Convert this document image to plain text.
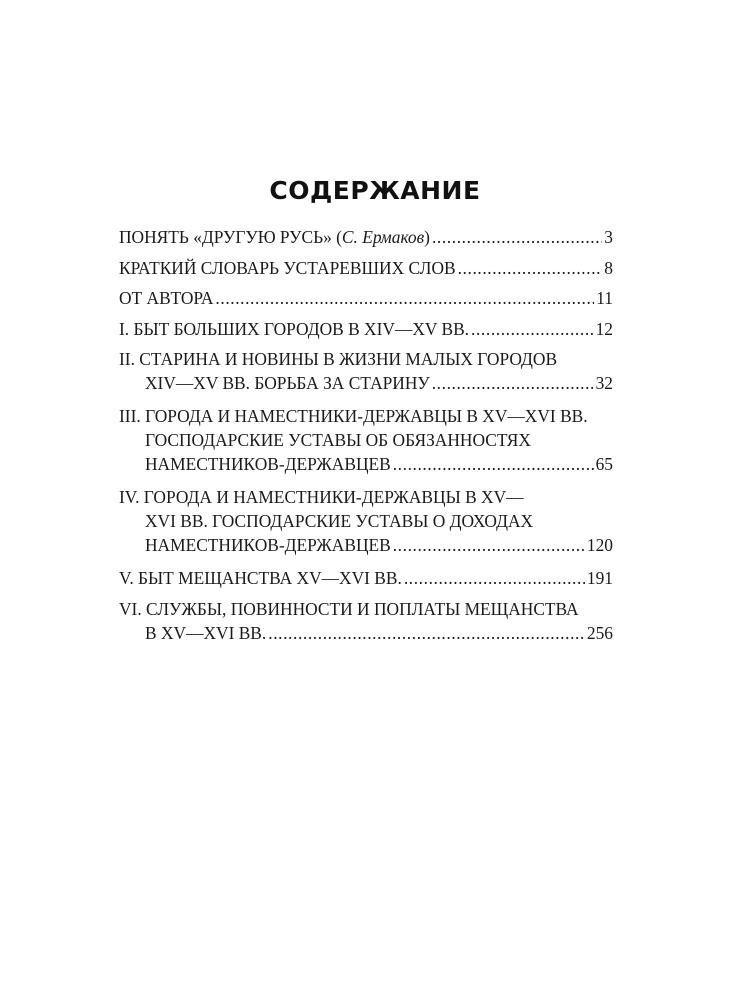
СОДЕРЖАНИЕ
ПОНЯТЬ «ДРУГУЮ РУСЬ» ( С. Ермаков ) .....	3
КРАТКИЙ СЛОВАРЬ УСТАРЕВШИХ СЛОВ .....	8
ОТ АВТОРА .....	11
I. БЫТ БОЛЬШИХ ГОРОДОВ В XIV—XV ВВ. .....	12
II. СТАРИНА И НОВИНЫ В ЖИЗНИ МАЛЫХ ГОРОДОВ
XIV—XV ВВ. БОРЬБА ЗА СТАРИНУ .....	32
III. ГОРОДА И НАМЕСТНИКИ-ДЕРЖАВЦЫ В XV—XVI ВВ.
ГОСПОДАРСКИЕ УСТАВЫ ОБ ОБЯЗАННОСТЯХ
НАМЕСТНИКОВ-ДЕРЖАВЦЕВ .....	65
IV. ГОРОДА И НАМЕСТНИКИ-ДЕРЖАВЦЫ В XV—
XVI ВВ. ГОСПОДАРСКИЕ УСТАВЫ О ДОХОДАХ
НАМЕСТНИКОВ-ДЕРЖАВЦЕВ .....	120
V. БЫТ МЕЩАНСТВА XV—XVI ВВ. .....	191
VI. СЛУЖБЫ, ПОВИННОСТИ И ПОПЛАТЫ МЕЩАНСТВА
В XV—XVI ВВ. .....	256
